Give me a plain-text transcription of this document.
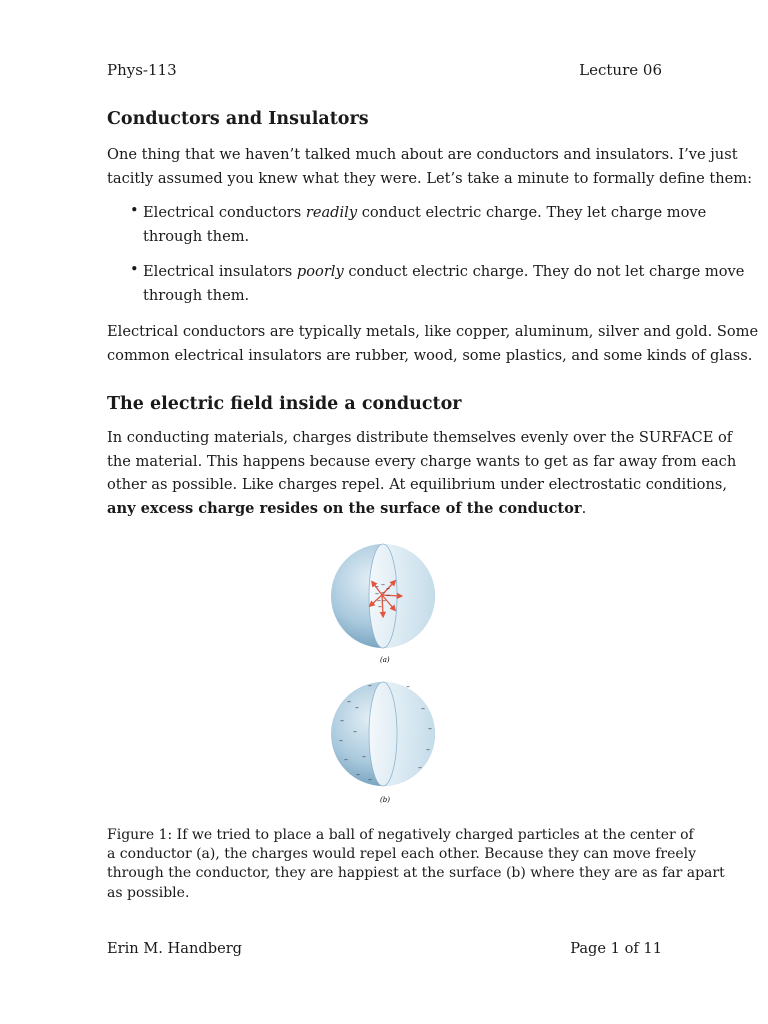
Phys-113	Lecture 06
Conductors and Insulators
One thing that we haven’t talked much about are conductors and insulators. I’ve just
tacitly assumed you knew what they were. Let’s take a minute to formally define them:
• Electrical conductors readily conduct electric charge. They let charge move
through them.
• Electrical insulators poorly conduct electric charge. They do not let charge move
through them.
Electrical conductors are typically metals, like copper, aluminum, silver and gold. Some
common electrical insulators are rubber, wood, some plastics, and some kinds of glass.
The electric field inside a conductor
In conducting materials, charges distribute themselves evenly over the SURFACE of
the material. This happens because every charge wants to get as far away from each
other as possible. Like charges repel. At equilibrium under electrostatic conditions,
any excess charge resides on the surface of the conductor.
– – –
– – –
– –
–
(a)
–	–
–
–
–
–
–
–
–
–
–
–
–
–
–
(b)
Figure 1: If we tried to place a ball of negatively charged particles at the center of
a conductor (a), the charges would repel each other. Because they can move freely
through the conductor, they are happiest at the surface (b) where they are as far apart
as possible.
Erin M. Handberg	Page 1 of 11
